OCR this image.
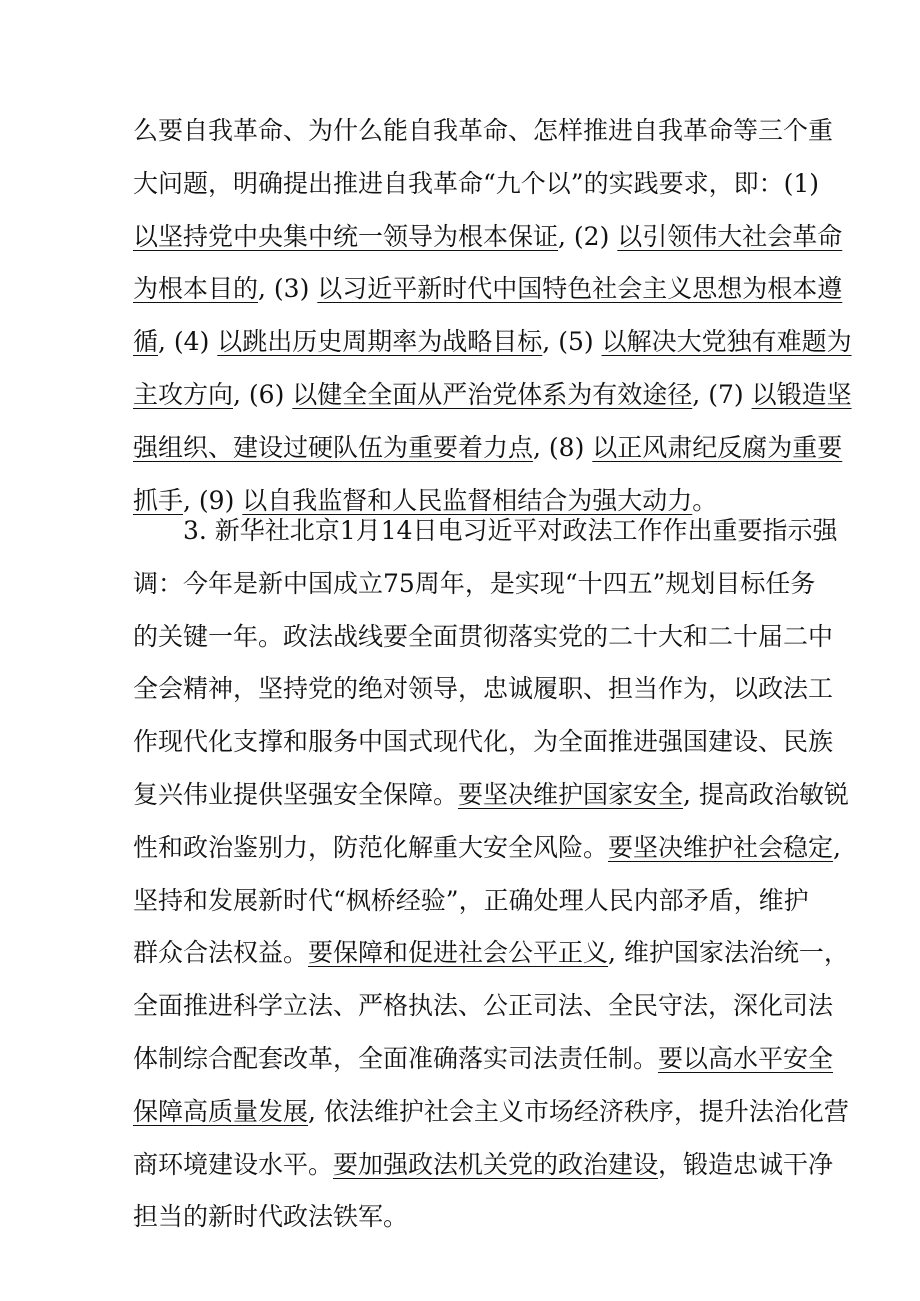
么要自我革命、为什么能自我革命、怎样推进自我革命等三个重
大问题，明确提出推进自我革命“九个以”的实践要求，即：(1)
以坚持党中央集中统一领导为根本保证, (2) 以引领伟大社会革命
为根本目的, (3) 以习近平新时代中国特色社会主义思想为根本遵
循, (4) 以跳出历史周期率为战略目标, (5) 以解决大党独有难题为
主攻方向, (6) 以健全全面从严治党体系为有效途径, (7) 以锻造坚
强组织、建设过硬队伍为重要着力点, (8) 以正风肃纪反腐为重要
抓手, (9) 以自我监督和人民监督相结合为强大动力。
3. 新华社北京1月14日电习近平对政法工作作出重要指示强
调：今年是新中国成立75周年，是实现“十四五”规划目标任务
的关键一年。政法战线要全面贯彻落实党的二十大和二十届二中
全会精神，坚持党的绝对领导，忠诚履职、担当作为，以政法工
作现代化支撑和服务中国式现代化，为全面推进强国建设、民族
复兴伟业提供坚强安全保障。要坚决维护国家安全, 提高政治敏锐
性和政治鉴别力，防范化解重大安全风险。要坚决维护社会稳定,
坚持和发展新时代“枫桥经验”，正确处理人民内部矛盾，维护
群众合法权益。要保障和促进社会公平正义, 维护国家法治统一，
全面推进科学立法、严格执法、公正司法、全民守法，深化司法
体制综合配套改革，全面准确落实司法责任制。要以高水平安全
保障高质量发展, 依法维护社会主义市场经济秩序，提升法治化营
商环境建设水平。要加强政法机关党的政治建设，锻造忠诚干净
担当的新时代政法铁军。
